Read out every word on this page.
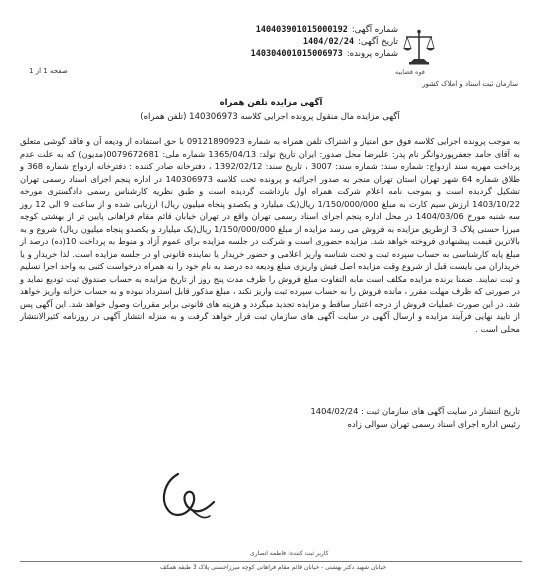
شماره آگهی:
140403901015000192
تاریخ آگهی:
1404/02/24
شماره پرونده:
140304001015006973
قوه قضاییه
سازمان ثبت اسناد و املاک کشور
صفحه 1 از 1
آگهی مزایده تلفن همراه
آگهی مزایده مال منقول پرونده اجرایی کلاسه 140306973 (تلفن همراه)

به موجب پرونده اجرایی کلاسه فوق حق امتیاز و اشتراک تلفن همراه به شماره 09121890923 با حق استفاده از ودیعه آن و فاقد گوشی متعلق به آقای حامد جعفرپوردوانگر نام پدر: علیرضا محل صدور: ایران تاریخ تولد: 1365/04/13 شماره ملی: 0079672681(مدیون) که به علت عدم پرداخت مهریه سند ازدواج: شماره سند: شماره سند: 3007 ، تاریخ سند: 1392/02/12 ، دفترخانه صادر کننده : دفترخانه ازدواج شماره 368 و طلاق شماره 64 شهر تهران استان تهران منجر به صدور اجرائیه و پرونده تحت کلاسه 140306973 در اداره پنجم اجرای اسناد رسمی تهران تشکیل گردیده است و بموجب نامه اعلام شرکت همراه اول بازداشت گردیده است و طبق نظریه کارشناس رسمی دادگستری مورخه 1403/10/22 ارزش سیم کارت به مبلغ 1/150/000/000 ریال(یک میلیارد و یکصدو پنجاه میلیون ریال) ارزیابی شده و از ساعت 9 الی 12 روز سه شنبه مورخ 1404/03/06 در محل اداره پنجم اجرای اسناد رسمی تهران واقع در تهران خیابان قائم مقام فراهانی پایین تر از بهشتی کوچه میرزا حسنی پلاک 3 ازطریق مزایده به فروش می رسد مزایده از مبلغ 1/150/000/000 ریال(یک میلیارد و یکصدو پنجاه میلیون ریال) شروع و به بالاترین قیمت پیشنهادی فروخته خواهد شد. مزایده حضوری است و شرکت در جلسه مزایده برای عموم آزاد و منوط به پرداخت 10(ده) درصد از مبلغ پایه کارشناسی به حساب سپرده ثبت و تحت شناسه واریز اعلامی و حضور خریدار یا نماینده قانونی او در جلسه مزایده است. لذا خریدار و یا خریداران می بایست قبل از شروع وقت مزایده اصل فیش واریزی مبلغ ودیعه ده درصد به نام خود را به همراه درخواست کتبی به واحد اجرا تسلیم و ثبت نمایند. ضمنا برنده مزایده مکلف است مابه التفاوت مبلغ فروش را ظرف مدت پنج روز از تاریخ مزایده به حساب صندوق ثبت تودیع نماید و در صورتی که ظرف مهلت مقرر ، مانده فروش را به حساب سپرده ثبت واریز نکند ، مبلغ مذکور قابل استرداد نبوده و به حساب خزانه واریز خواهد شد. در این صورت عملیات فروش از درجه اعتبار ساقط و مزایده تجدید میگردد و هزینه های قانونی برابر مقررات وصول خواهد شد. این آگهی پس از تایید نهایی فرآیند مزایده و ارسال آگهی در سایت آگهی های سازمان ثبت قرار خواهد گرفت و به منزله انتشار آگهی در روزنامه کثیرالانتشار محلی است .

تاریخ انتشار در سایت آگهی های سازمان ثبت : 1404/02/24
رئیس اداره اجرای اسناد رسمی تهران سوالی زاده
کاربر ثبت کننده: فاطمه انصاری
خیابان شهید دکتر بهشتی - خیابان قائم مقام فراهانی کوچه میرزاحسنی پلاک 3 طبقه همکف
